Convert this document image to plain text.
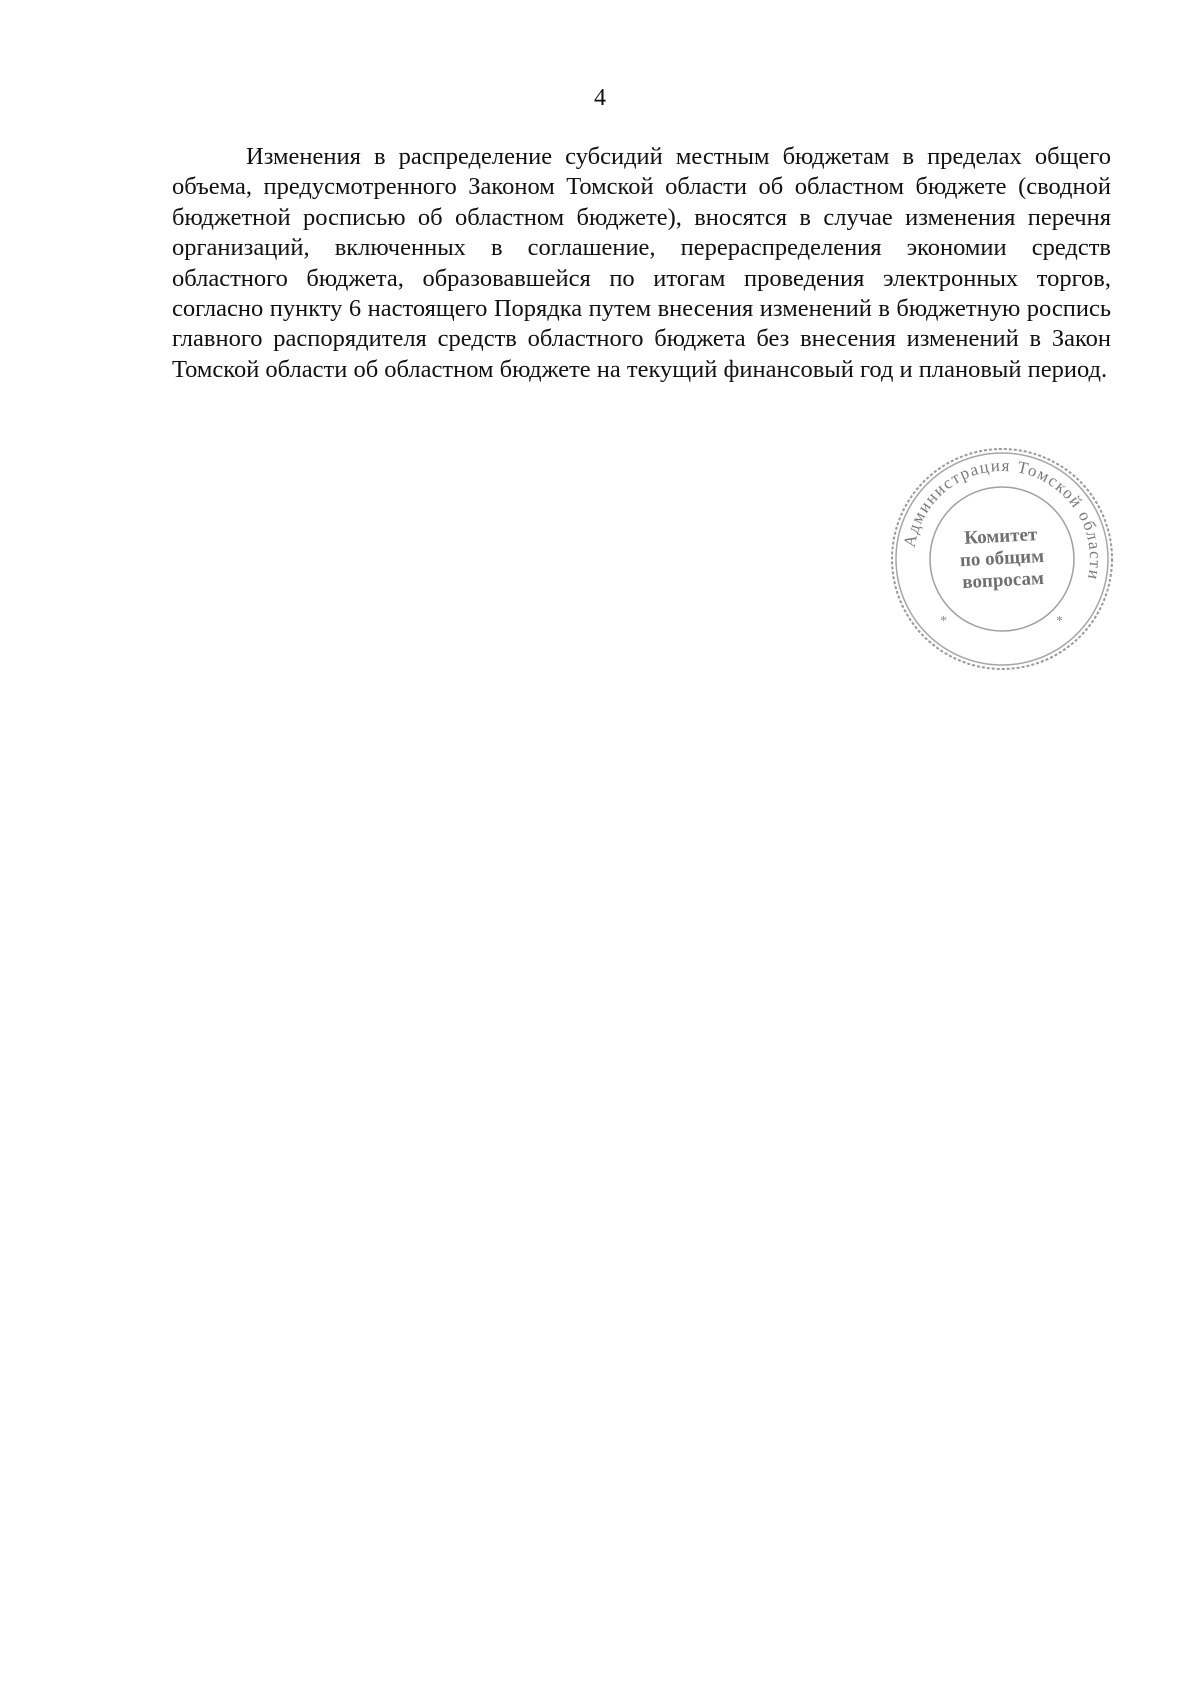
4

Изменения в распределение субсидий местным бюджетам в пределах общего объема, предусмотренного Законом Томской области об областном бюджете (сводной бюджетной росписью об областном бюджете), вносятся в случае изменения перечня организаций, включенных в соглашение, перераспределения экономии средств областного бюджета, образовавшейся по итогам проведения электронных торгов, согласно пункту 6 настоящего Порядка путем внесения изменений в бюджетную роспись главного распорядителя средств областного бюджета без внесения изменений в Закон Томской области об областном бюджете на текущий финансовый год и плановый период.

Администрация Томской области
*	*
Комитет
по общим
вопросам
